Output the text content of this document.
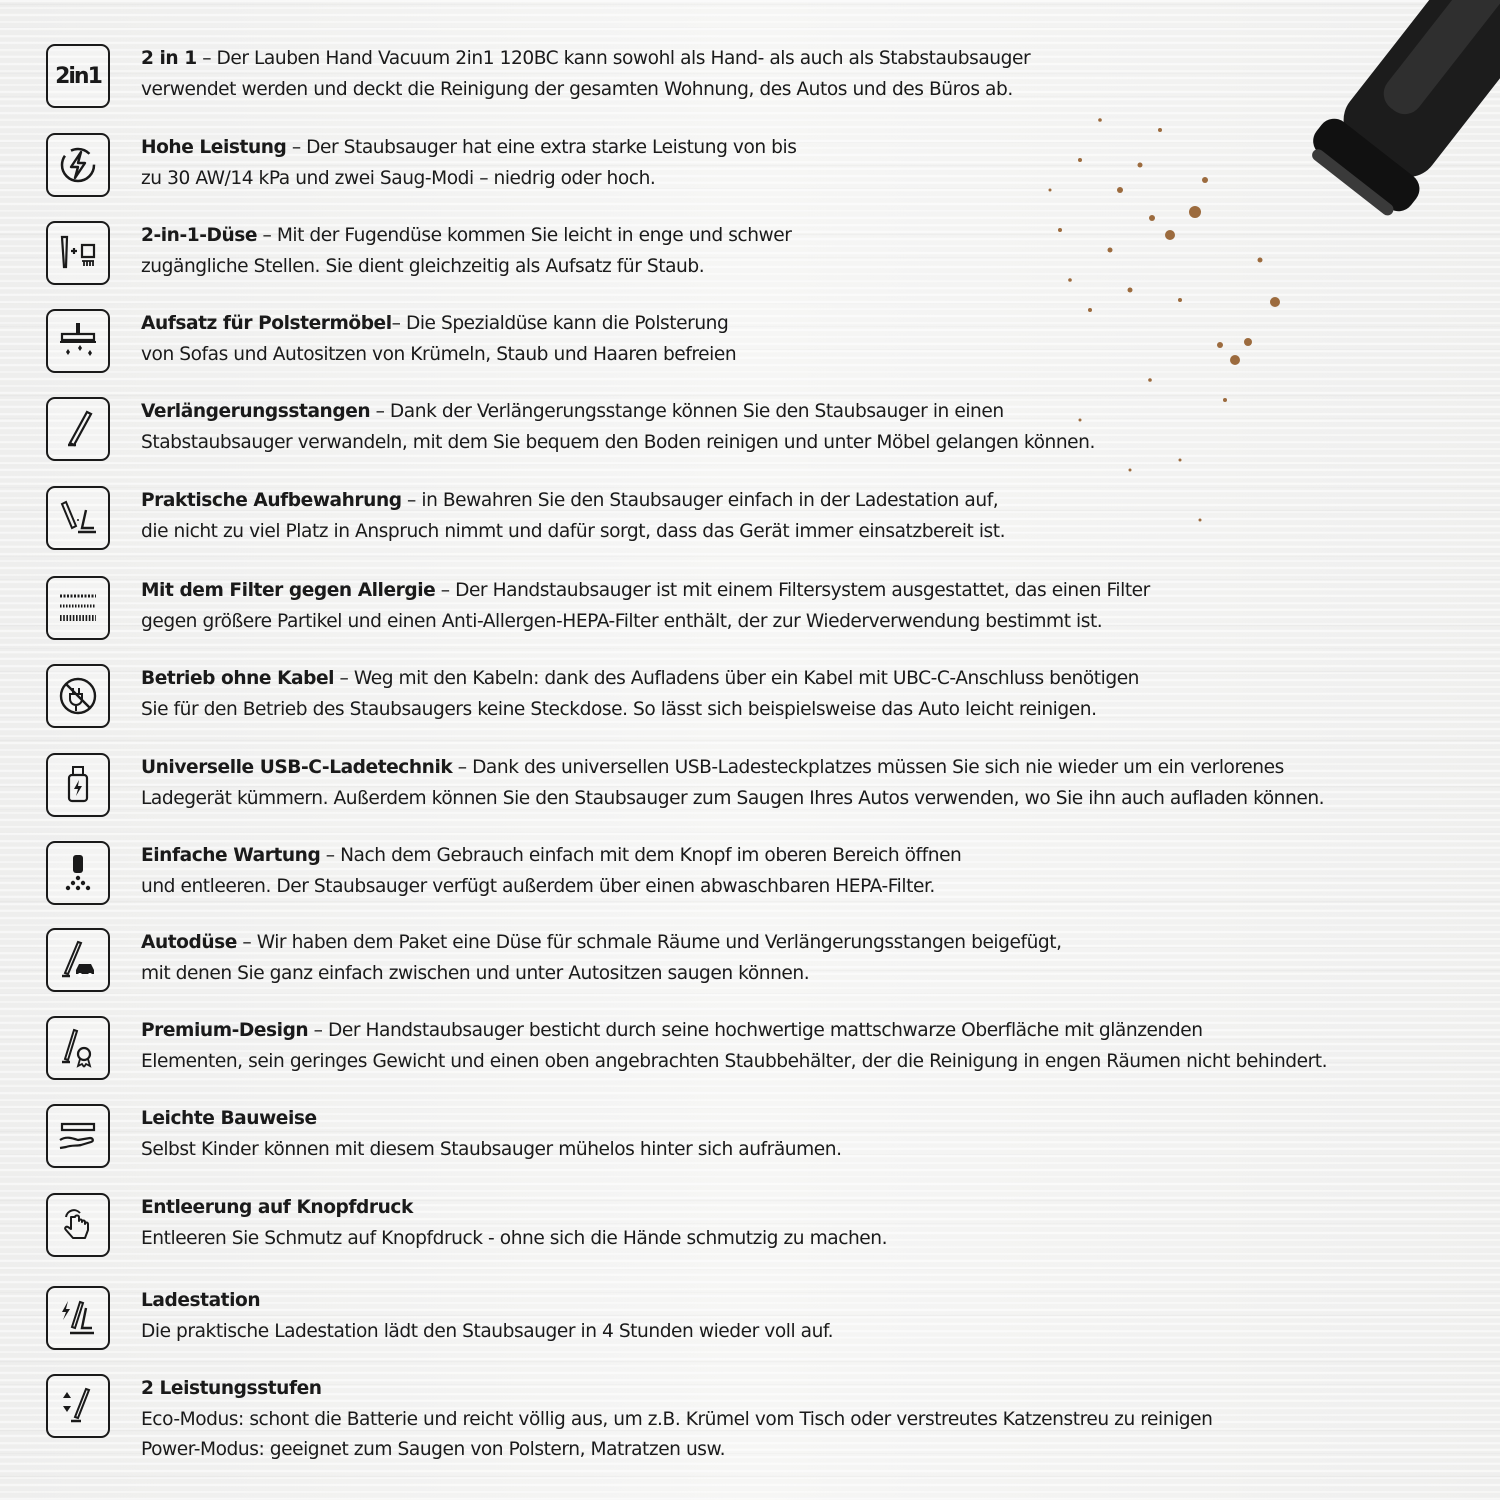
2in1
2 in 1 – Der Lauben Hand Vacuum 2in1 120BC kann sowohl als Hand- als auch als Stabstaubsauger
verwendet werden und deckt die Reinigung der gesamten Wohnung, des Autos und des Büros ab.
Hohe Leistung – Der Staubsauger hat eine extra starke Leistung von bis
zu 30 AW/14 kPa und zwei Saug-Modi – niedrig oder hoch.
2-in-1-Düse – Mit der Fugendüse kommen Sie leicht in enge und schwer
zugängliche Stellen. Sie dient gleichzeitig als Aufsatz für Staub.
Aufsatz für Polstermöbel– Die Spezialdüse kann die Polsterung
von Sofas und Autositzen von Krümeln, Staub und Haaren befreien
Verlängerungsstangen – Dank der Verlängerungsstange können Sie den Staubsauger in einen
Stabstaubsauger verwandeln, mit dem Sie bequem den Boden reinigen und unter Möbel gelangen können.
Praktische Aufbewahrung – in Bewahren Sie den Staubsauger einfach in der Ladestation auf,
die nicht zu viel Platz in Anspruch nimmt und dafür sorgt, dass das Gerät immer einsatzbereit ist.
Mit dem Filter gegen Allergie – Der Handstaubsauger ist mit einem Filtersystem ausgestattet, das einen Filter
gegen größere Partikel und einen Anti-Allergen-HEPA-Filter enthält, der zur Wiederverwendung bestimmt ist.
Betrieb ohne Kabel – Weg mit den Kabeln: dank des Aufladens über ein Kabel mit UBC-C-Anschluss benötigen
Sie für den Betrieb des Staubsaugers keine Steckdose. So lässt sich beispielsweise das Auto leicht reinigen.
Universelle USB-C-Ladetechnik – Dank des universellen USB-Ladesteckplatzes müssen Sie sich nie wieder um ein verlorenes
Ladegerät kümmern. Außerdem können Sie den Staubsauger zum Saugen Ihres Autos verwenden, wo Sie ihn auch aufladen können.
Einfache Wartung – Nach dem Gebrauch einfach mit dem Knopf im oberen Bereich öffnen
und entleeren. Der Staubsauger verfügt außerdem über einen abwaschbaren HEPA-Filter.
Autodüse – Wir haben dem Paket eine Düse für schmale Räume und Verlängerungsstangen beigefügt,
mit denen Sie ganz einfach zwischen und unter Autositzen saugen können.
Premium-Design – Der Handstaubsauger besticht durch seine hochwertige mattschwarze Oberfläche mit glänzenden
Elementen, sein geringes Gewicht und einen oben angebrachten Staubbehälter, der die Reinigung in engen Räumen nicht behindert.
Leichte Bauweise
Selbst Kinder können mit diesem Staubsauger mühelos hinter sich aufräumen.
Entleerung auf Knopfdruck
Entleeren Sie Schmutz auf Knopfdruck - ohne sich die Hände schmutzig zu machen.
Ladestation
Die praktische Ladestation lädt den Staubsauger in 4 Stunden wieder voll auf.
2 Leistungsstufen
Eco-Modus: schont die Batterie und reicht völlig aus, um z.B. Krümel vom Tisch oder verstreutes Katzenstreu zu reinigen
Power-Modus: geeignet zum Saugen von Polstern, Matratzen usw.
